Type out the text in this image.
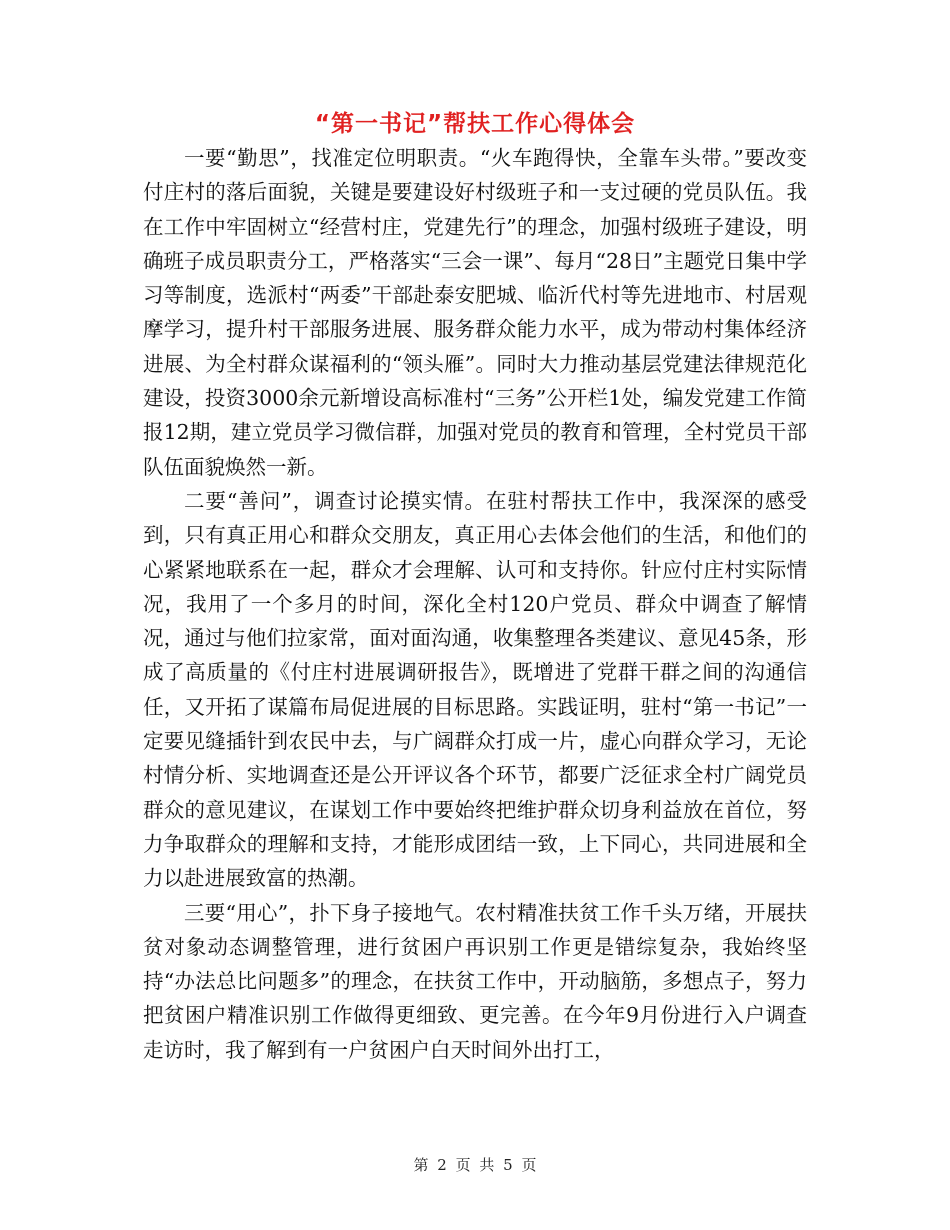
“第一书记”帮扶工作心得体会

一要“勤思”，找准定位明职责。“火车跑得快，全靠车头带。”要改变付庄村的落后面貌，关键是要建设好村级班子和一支过硬的党员队伍。我在工作中牢固树立“经营村庄，党建先行”的理念，加强村级班子建设，明确班子成员职责分工，严格落实“三会一课”、每月“28日”主题党日集中学习等制度，选派村“两委”干部赴泰安肥城、临沂代村等先进地市、村居观摩学习，提升村干部服务进展、服务群众能力水平，成为带动村集体经济进展、为全村群众谋福利的“领头雁”。同时大力推动基层党建法律规范化建设，投资3000余元新增设高标准村“三务”公开栏1处，编发党建工作简报12期，建立党员学习微信群，加强对党员的教育和管理，全村党员干部队伍面貌焕然一新。

二要“善问”，调查讨论摸实情。在驻村帮扶工作中，我深深的感受到，只有真正用心和群众交朋友，真正用心去体会他们的生活，和他们的心紧紧地联系在一起，群众才会理解、认可和支持你。针应付庄村实际情况，我用了一个多月的时间，深化全村120户党员、群众中调查了解情况，通过与他们拉家常，面对面沟通，收集整理各类建议、意见45条，形成了高质量的《付庄村进展调研报告》，既增进了党群干群之间的沟通信任，又开拓了谋篇布局促进展的目标思路。实践证明，驻村“第一书记”一定要见缝插针到农民中去，与广阔群众打成一片，虚心向群众学习，无论村情分析、实地调查还是公开评议各个环节，都要广泛征求全村广阔党员群众的意见建议，在谋划工作中要始终把维护群众切身利益放在首位，努力争取群众的理解和支持，才能形成团结一致，上下同心，共同进展和全力以赴进展致富的热潮。

三要“用心”，扑下身子接地气。农村精准扶贫工作千头万绪，开展扶贫对象动态调整管理，进行贫困户再识别工作更是错综复杂，我始终坚持“办法总比问题多”的理念，在扶贫工作中，开动脑筋，多想点子，努力把贫困户精准识别工作做得更细致、更完善。在今年9月份进行入户调查走访时，我了解到有一户贫困户白天时间外出打工，

第 2 页 共 5 页
